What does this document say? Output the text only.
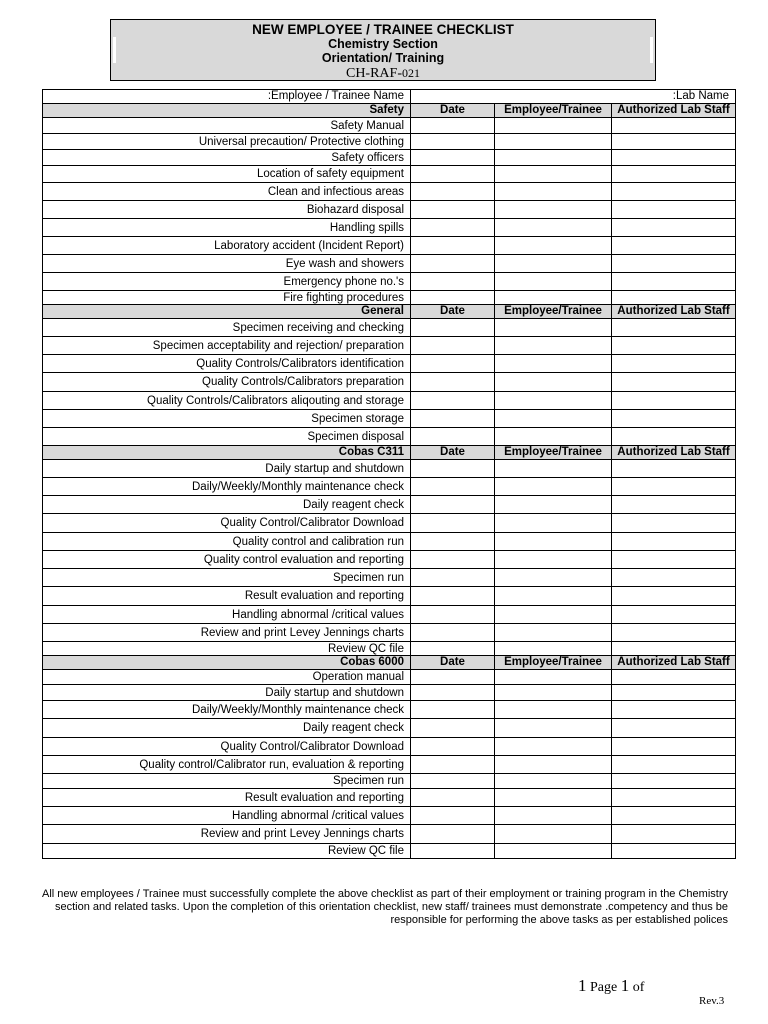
NEW EMPLOYEE / TRAINEE CHECKLIST
Chemistry Section
Orientation/ Training
CH-RAF-021
:Employee / Trainee Name	:Lab Name		
Safety	Date	Employee/Trainee	Authorized Lab Staff
Safety Manual			
Universal precaution/ Protective clothing			
Safety officers			
Location of safety equipment			
Clean and infectious areas			
Biohazard disposal			
Handling spills			
Laboratory accident (Incident Report)			
Eye wash and showers			
Emergency phone no.'s			
Fire fighting procedures			
General	Date	Employee/Trainee	Authorized Lab Staff
Specimen receiving and checking			
Specimen acceptability and rejection/ preparation			
Quality Controls/Calibrators identification			
Quality Controls/Calibrators preparation			
Quality Controls/Calibrators aliqouting and storage			
Specimen storage			
Specimen disposal			
Cobas C311	Date	Employee/Trainee	Authorized Lab Staff
Daily startup and shutdown			
Daily/Weekly/Monthly maintenance check			
Daily reagent check			
Quality Control/Calibrator Download			
Quality control and calibration run			
Quality control evaluation and reporting			
Specimen run			
Result evaluation and reporting			
Handling abnormal /critical values			
Review and print Levey Jennings charts			
Review QC file			
Cobas 6000	Date	Employee/Trainee	Authorized Lab Staff
Operation manual			
Daily startup and shutdown			
Daily/Weekly/Monthly maintenance check			
Daily reagent check			
Quality Control/Calibrator Download			
Quality control/Calibrator run, evaluation & reporting			
Specimen run			
Result evaluation and reporting			
Handling abnormal /critical values			
Review and print Levey Jennings charts			
Review QC file			
All new employees / Trainee must successfully complete the above checklist as part of their employment or training program in the Chemistry section and related tasks. Upon the completion of this orientation checklist, new staff/ trainees must demonstrate .competency and thus be responsible for performing the above tasks as per established polices
1 Page 1 of
Rev.3
